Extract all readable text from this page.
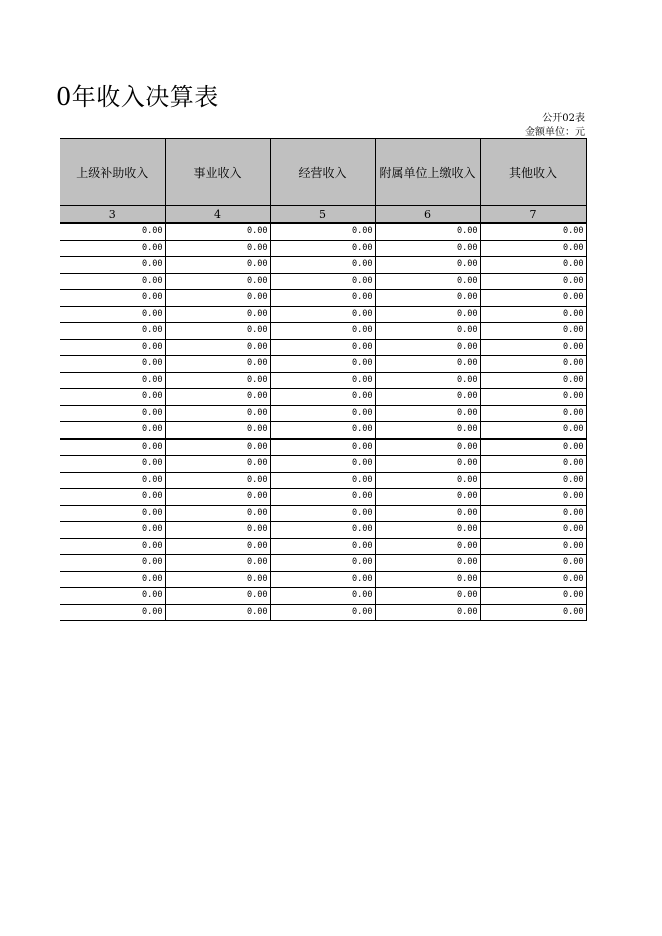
0年收入决算表
公开02表
金额单位：元
上级补助收入	事业收入	经营收入	附属单位上缴收入	其他收入
3	4	5	6	7
0.00	0.00	0.00	0.00	0.00
0.00	0.00	0.00	0.00	0.00
0.00	0.00	0.00	0.00	0.00
0.00	0.00	0.00	0.00	0.00
0.00	0.00	0.00	0.00	0.00
0.00	0.00	0.00	0.00	0.00
0.00	0.00	0.00	0.00	0.00
0.00	0.00	0.00	0.00	0.00
0.00	0.00	0.00	0.00	0.00
0.00	0.00	0.00	0.00	0.00
0.00	0.00	0.00	0.00	0.00
0.00	0.00	0.00	0.00	0.00
0.00	0.00	0.00	0.00	0.00
0.00	0.00	0.00	0.00	0.00
0.00	0.00	0.00	0.00	0.00
0.00	0.00	0.00	0.00	0.00
0.00	0.00	0.00	0.00	0.00
0.00	0.00	0.00	0.00	0.00
0.00	0.00	0.00	0.00	0.00
0.00	0.00	0.00	0.00	0.00
0.00	0.00	0.00	0.00	0.00
0.00	0.00	0.00	0.00	0.00
0.00	0.00	0.00	0.00	0.00
0.00	0.00	0.00	0.00	0.00
